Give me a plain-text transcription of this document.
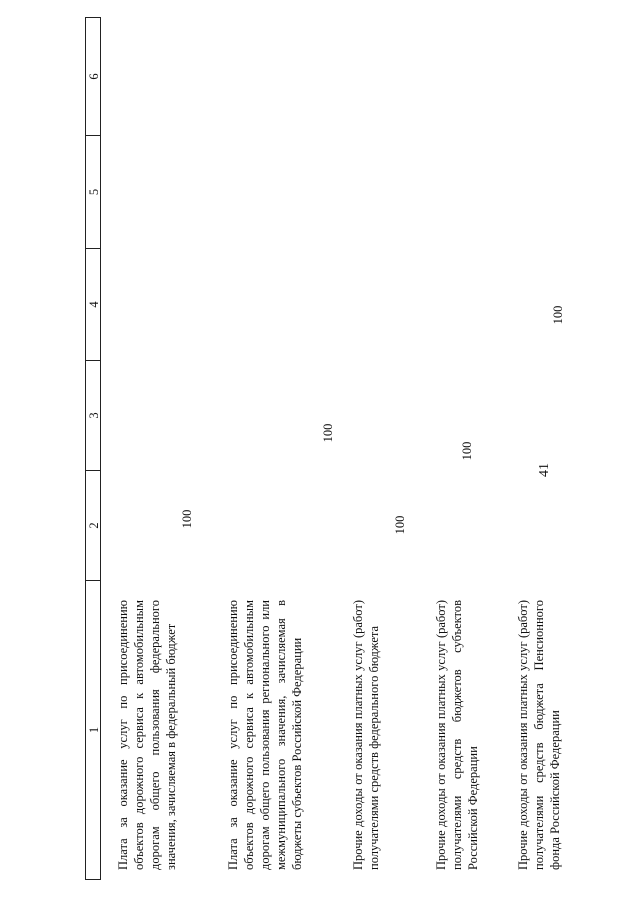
41
1
2
3
4
5
6
Плата за оказание услуг по присоединению объектов дорожного сервиса к автомобильным дорогам общего пользования федерального значения, зачисляемая в федеральный бюджет
100
Плата за оказание услуг по присоединению объектов дорожного сервиса к автомобильным дорогам общего пользования регионального или межмуниципального значения, зачисляемая в бюджеты субъектов Российской Федерации
100
Прочие доходы от оказания платных услуг (работ) получателями средств федерального бюджета
100
Прочие доходы от оказания платных услуг (работ) получателями средств бюджетов субъектов Российской Федерации
100
Прочие доходы от оказания платных услуг (работ) получателями средств бюджета Пенсионного фонда Российской Федерации
100
